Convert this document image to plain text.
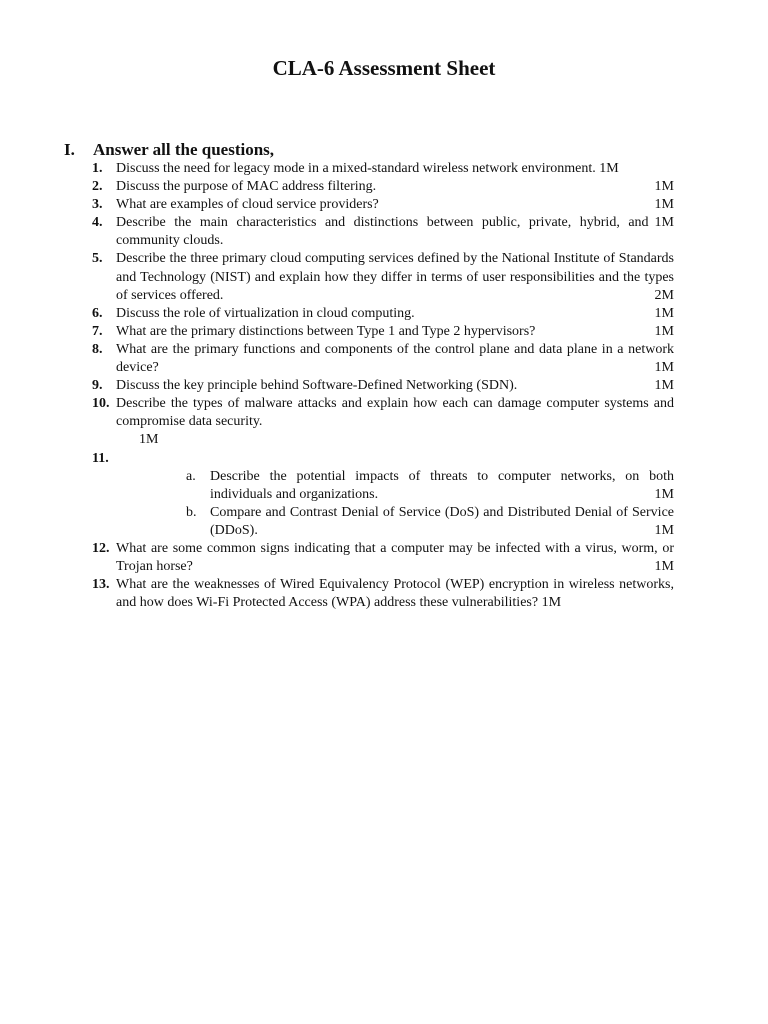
CLA-6 Assessment Sheet
I. Answer all the questions,
1. Discuss the need for legacy mode in a mixed-standard wireless network environment. 1M
2.	1M
Discuss the purpose of MAC address filtering.
3.	1M
What are examples of cloud service providers?
4.	1M
Describe the main characteristics and distinctions between public, private, hybrid, and community clouds.
5. Describe the three primary cloud computing services defined by the National Institute of Standards and Technology (NIST) and explain how they differ in terms of user responsibilities and the types of services offered.	2M
6.	1M
Discuss the role of virtualization in cloud computing.
7.	1M
What are the primary distinctions between Type 1 and Type 2 hypervisors?
8. What are the primary functions and components of the control plane and data plane in a network device?	1M
9.	1M
Discuss the key principle behind Software-Defined Networking (SDN).
10. Describe the types of malware attacks and explain how each can damage computer systems and compromise data security.
1M
11.

a. Describe the potential impacts of threats to computer networks, on both individuals and organizations.	1M
b. Compare and Contrast Denial of Service (DoS) and Distributed Denial of Service (DDoS).	1M
12. What are some common signs indicating that a computer may be infected with a virus, worm, or Trojan horse?	1M
13. What are the weaknesses of Wired Equivalency Protocol (WEP) encryption in wireless networks, and how does Wi-Fi Protected Access (WPA) address these vulnerabilities? 1M
